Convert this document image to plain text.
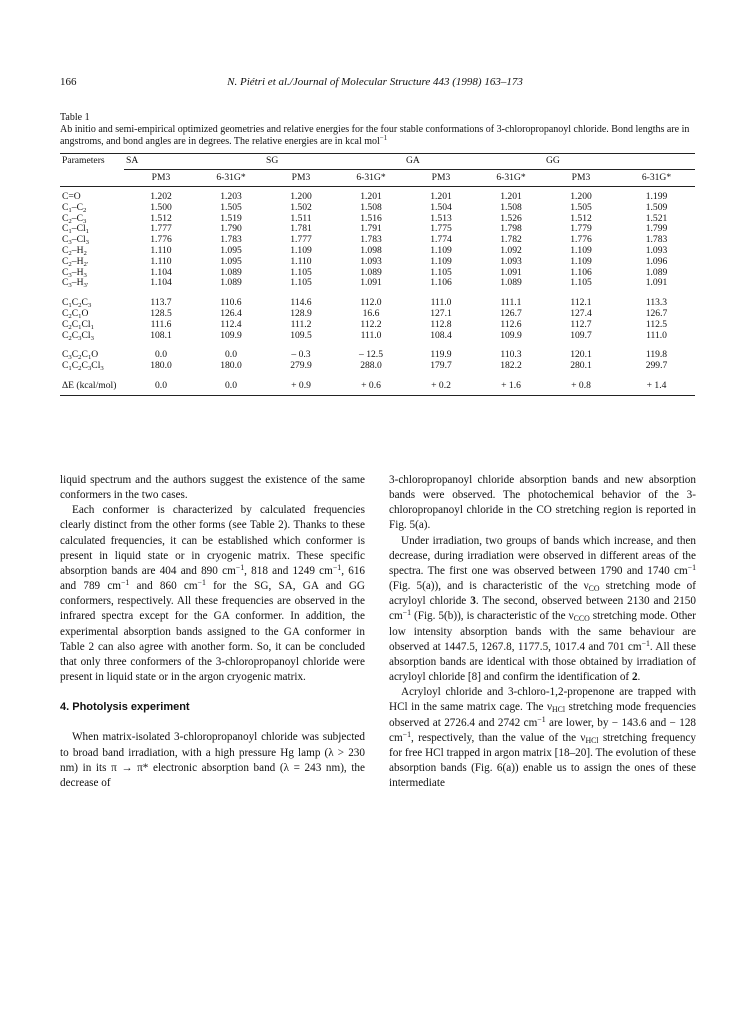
166	N. Piétri et al./Journal of Molecular Structure 443 (1998) 163–173
Table 1
Ab initio and semi-empirical optimized geometries and relative energies for the four stable conformations of 3-chloropropanoyl chloride. Bond lengths are in angstroms, and bond angles are in degrees. The relative energies are in kcal mol$^{-1}$
Parameters	SA		SG		GA		GG	
	PM3	6-31G*	PM3	6-31G*	PM3	6-31G*	PM3	6-31G*
C=O	1.202	1.203	1.200	1.201	1.201	1.201	1.200	1.199
$C_1-C_2$	1.500	1.505	1.502	1.508	1.504	1.508	1.505	1.509
$C_2-C_3$	1.512	1.519	1.511	1.516	1.513	1.526	1.512	1.521
$C_1-Cl_1$	1.777	1.790	1.781	1.791	1.775	1.798	1.779	1.799
$C_3-Cl_3$	1.776	1.783	1.777	1.783	1.774	1.782	1.776	1.783
$C_2-H_2$	1.110	1.095	1.109	1.098	1.109	1.092	1.109	1.093
$C_2-H_{2'}$	1.110	1.095	1.110	1.093	1.109	1.093	1.109	1.096
$C_3-H_3$	1.104	1.089	1.105	1.089	1.105	1.091	1.106	1.089
$C_3-H_{3'}$	1.104	1.089	1.105	1.091	1.106	1.089	1.105	1.091

$C_1C_2C_3$	113.7	110.6	114.6	112.0	111.0	111.1	112.1	113.3
$C_2C_1O$	128.5	126.4	128.9	16.6	127.1	126.7	127.4	126.7
$C_2C_1Cl_1$	111.6	112.4	111.2	112.2	112.8	112.6	112.7	112.5
$C_2C_3Cl_3$	108.1	109.9	109.5	111.0	108.4	109.9	109.7	111.0

$C_3C_2C_1O$	0.0	0.0	– 0.3	– 12.5	119.9	110.3	120.1	119.8
$C_1C_2C_3Cl_3$	180.0	180.0	279.9	288.0	179.7	182.2	280.1	299.7

ΔE (kcal/mol)	0.0	0.0	+ 0.9	+ 0.6	+ 0.2	+ 1.6	+ 0.8	+ 1.4

liquid spectrum and the authors suggest the existence of the same conformers in the two cases.

Each conformer is characterized by calculated frequencies clearly distinct from the other forms (see Table 2). Thanks to these calculated frequencies, it can be established which conformer is present in liquid state or in cryogenic matrix. These specific absorption bands are 404 and 890 $cm^{-1}$, 818 and 1249 $cm^{-1}$, 616 and 789 $cm^{-1}$ and 860 $cm^{-1}$ for the SG, SA, GA and GG conformers, respectively. All these frequencies are observed in the infrared spectra except for the GA conformer. In addition, the experimental absorption bands assigned to the GA conformer in Table 2 can also agree with another form. So, it can be concluded that only three conformers of the 3-chloropropanoyl chloride were present in liquid state or in the argon cryogenic matrix.

4. Photolysis experiment

When matrix-isolated 3-chloropropanoyl chloride was subjected to broad band irradiation, with a high pressure Hg lamp (λ > 230 nm) in its π → π* electronic absorption band (λ = 243 nm), the decrease of

3-chloropropanoyl chloride absorption bands and new absorption bands were observed. The photochemical behavior of the 3-chloropropanoyl chloride in the CO stretching region is reported in Fig. 5(a).

Under irradiation, two groups of bands which increase, and then decrease, during irradiation were observed in different areas of the spectra. The first one was observed between 1790 and 1740 $cm^{-1}$ (Fig. 5(a)), and is characteristic of the $\nu_{CO}$ stretching mode of acryloyl chloride 3. The second, observed between 2130 and 2150 $cm^{-1}$ (Fig. 5(b)), is characteristic of the $\nu_{CCO}$ stretching mode. Other low intensity absorption bands with the same behaviour are observed at 1447.5, 1267.8, 1177.5, 1017.4 and 701 $cm^{-1}$. All these absorption bands are identical with those obtained by irradiation of acryloyl chloride [8] and confirm the identification of 2.

Acryloyl chloride and 3-chloro-1,2-propenone are trapped with HCl in the same matrix cage. The $\nu_{HCl}$ stretching mode frequencies observed at 2726.4 and 2742 $cm^{-1}$ are lower, by − 143.6 and − 128 $cm^{-1}$, respectively, than the value of the $\nu_{HCl}$ stretching frequency for free HCl trapped in argon matrix [18–20]. The evolution of these absorption bands (Fig. 6(a)) enable us to assign the ones of these intermediate
